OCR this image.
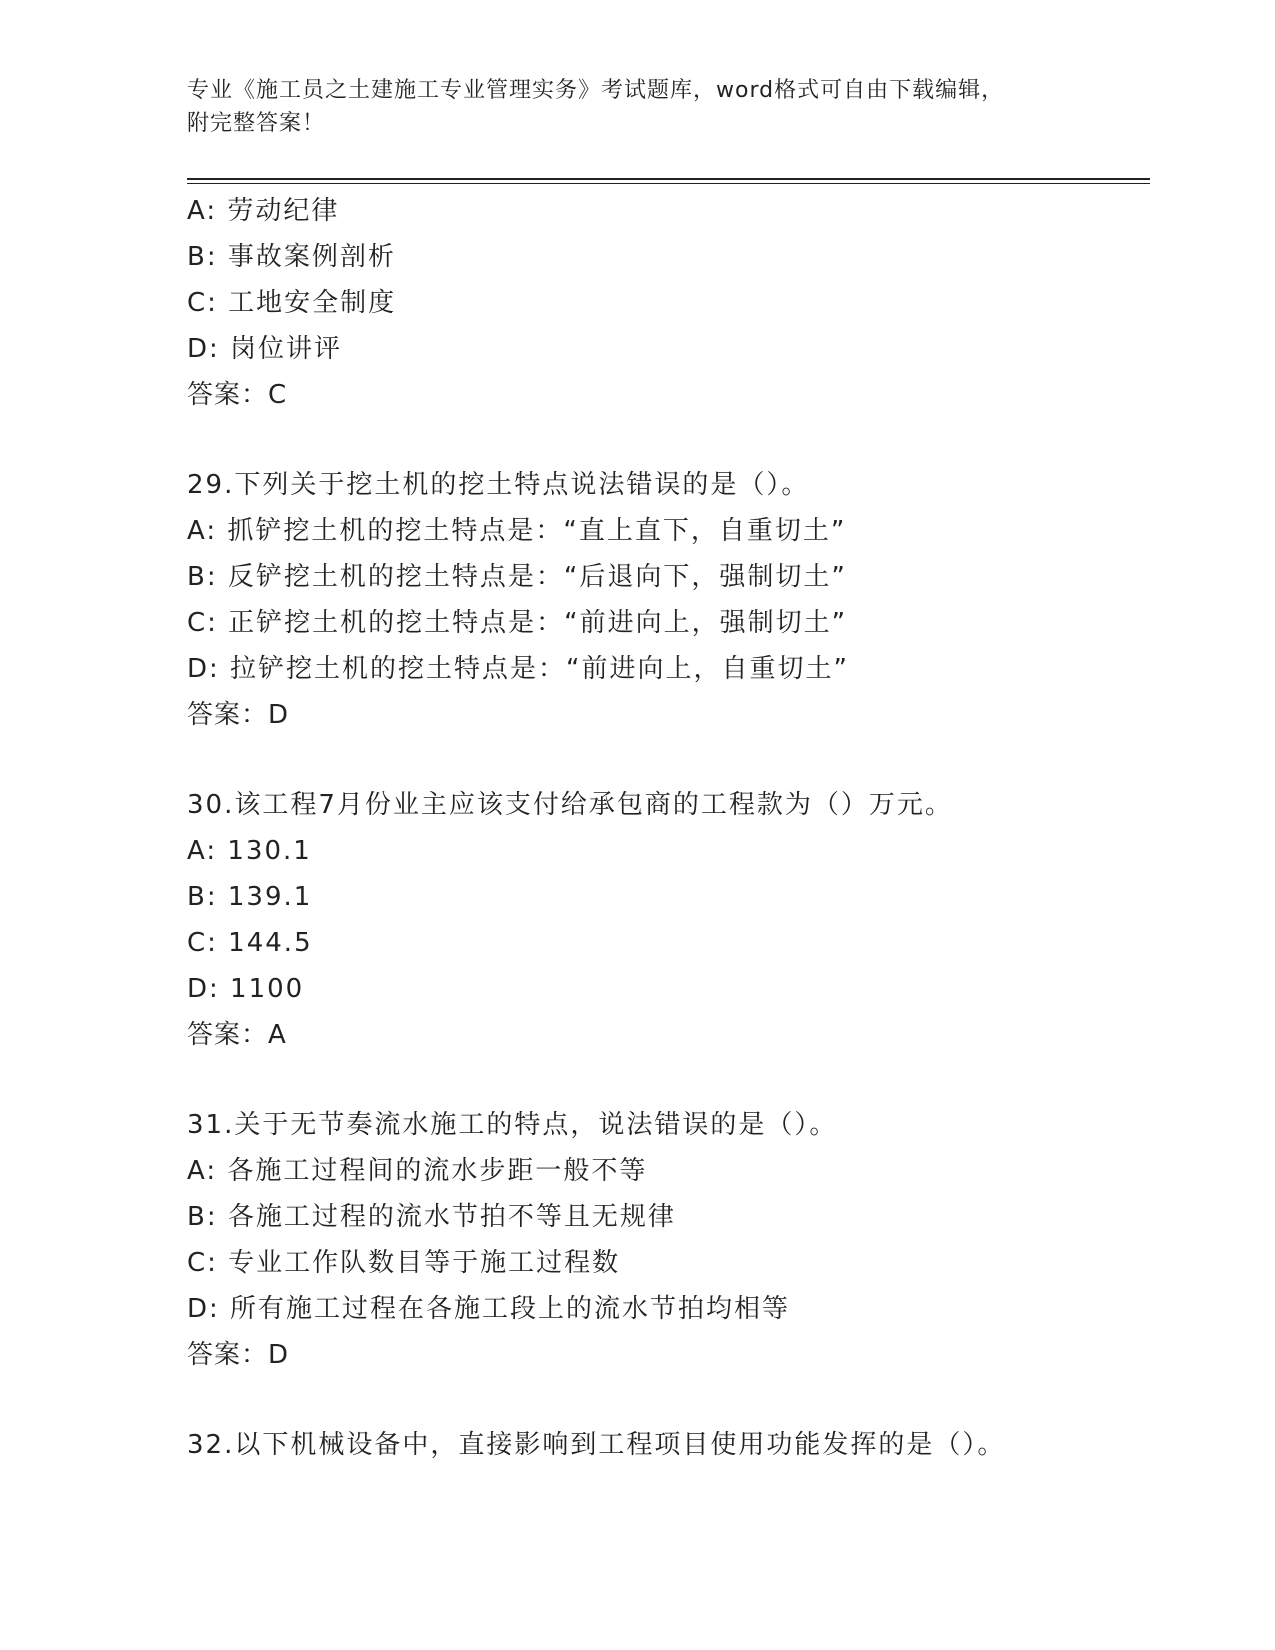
专业《施工员之土建施工专业管理实务》考试题库，word格式可自由下载编辑，
附完整答案！
A: 劳动纪律
B: 事故案例剖析
C: 工地安全制度
D: 岗位讲评
答案：C
29.下列关于挖土机的挖土特点说法错误的是（）。
A: 抓铲挖土机的挖土特点是：“直上直下，自重切土”
B: 反铲挖土机的挖土特点是：“后退向下，强制切土”
C: 正铲挖土机的挖土特点是：“前进向上，强制切土”
D: 拉铲挖土机的挖土特点是：“前进向上，自重切土”
答案：D
30.该工程7月份业主应该支付给承包商的工程款为（）万元。
A: 130.1
B: 139.1
C: 144.5
D: 1100
答案：A
31.关于无节奏流水施工的特点，说法错误的是（）。
A: 各施工过程间的流水步距一般不等
B: 各施工过程的流水节拍不等且无规律
C: 专业工作队数目等于施工过程数
D: 所有施工过程在各施工段上的流水节拍均相等
答案：D
32.以下机械设备中，直接影响到工程项目使用功能发挥的是（）。
